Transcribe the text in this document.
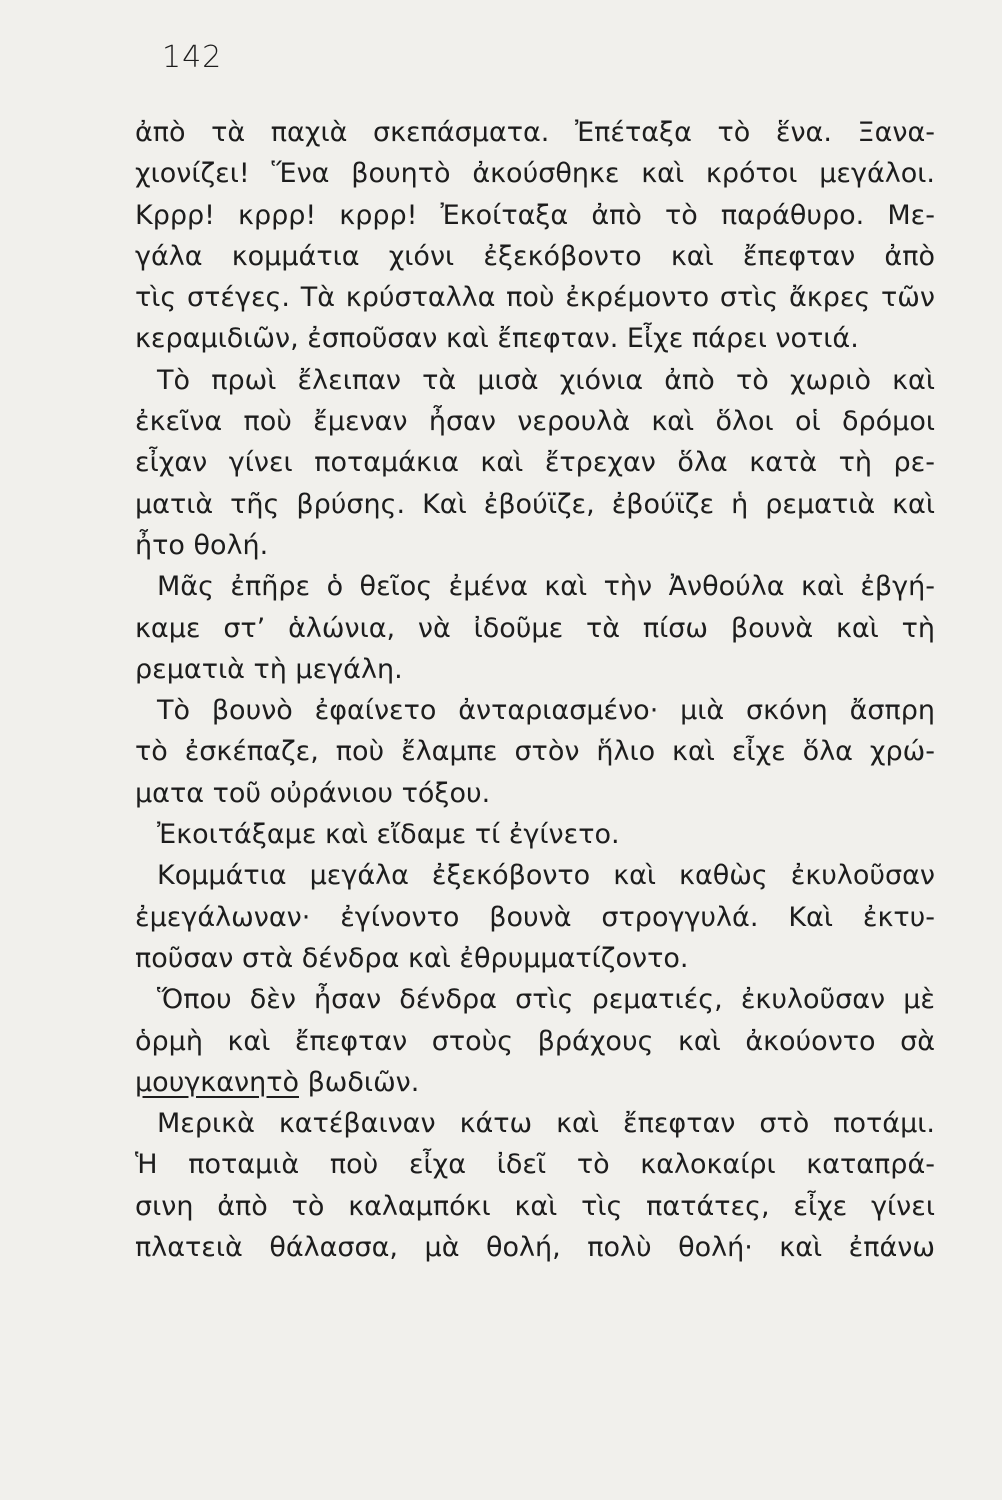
142
ἀπὸ τὰ παχιὰ σκεπάσματα. Ἐπέταξα τὸ ἕνα. Ξανα-
χιονίζει! Ἕνα βουητὸ ἀκούσθηκε καὶ κρότοι μεγάλοι.
Κρρρ! κρρρ! κρρρ! Ἐκοίταξα ἀπὸ τὸ παράθυρο. Με-
γάλα κομμάτια χιόνι ἐξεκόβοντο καὶ ἔπεφταν ἀπὸ
τὶς στέγες. Τὰ κρύσταλλα ποὺ ἐκρέμοντο στὶς ἄκρες τῶν
κεραμιδιῶν, ἐσποῦσαν καὶ ἔπεφταν. Εἶχε πάρει νοτιά.
Τὸ πρωὶ ἔλειπαν τὰ μισὰ χιόνια ἀπὸ τὸ χωριὸ καὶ
ἐκεῖνα ποὺ ἔμεναν ἦσαν νερουλὰ καὶ ὅλοι οἱ δρόμοι
εἶχαν γίνει ποταμάκια καὶ ἔτρεχαν ὅλα κατὰ τὴ ρε-
ματιὰ τῆς βρύσης. Καὶ ἐβούϊζε, ἐβούϊζε ἡ ρεματιὰ καὶ
ἦτο θολή.
Μᾶς ἐπῆρε ὁ θεῖος ἐμένα καὶ τὴν Ἀνθούλα καὶ ἐβγή-
καμε στ’ ἁλώνια, νὰ ἰδοῦμε τὰ πίσω βουνὰ καὶ τὴ
ρεματιὰ τὴ μεγάλη.
Τὸ βουνὸ ἐφαίνετο ἀνταριασμένο· μιὰ σκόνη ἄσπρη
τὸ ἐσκέπαζε, ποὺ ἔλαμπε στὸν ἥλιο καὶ εἶχε ὅλα χρώ-
ματα τοῦ οὐράνιου τόξου.
Ἐκοιτάξαμε καὶ εἴδαμε τί ἐγίνετο.
Κομμάτια μεγάλα ἐξεκόβοντο καὶ καθὼς ἐκυλοῦσαν
ἐμεγάλωναν· ἐγίνοντο βουνὰ στρογγυλά. Καὶ ἐκτυ-
ποῦσαν στὰ δένδρα καὶ ἐθρυμματίζοντο.
Ὅπου δὲν ἦσαν δένδρα στὶς ρεματιές, ἐκυλοῦσαν μὲ
ὁρμὴ καὶ ἔπεφταν στοὺς βράχους καὶ ἀκούοντο σὰ
μουγκανητὸ βωδιῶν.
Μερικὰ κατέβαιναν κάτω καὶ ἔπεφταν στὸ ποτάμι.
Ἡ ποταμιὰ ποὺ εἶχα ἰδεῖ τὸ καλοκαίρι καταπρά-
σινη ἀπὸ τὸ καλαμπόκι καὶ τὶς πατάτες, εἶχε γίνει
πλατειὰ θάλασσα, μὰ θολή, πολὺ θολή· καὶ ἐπάνω
